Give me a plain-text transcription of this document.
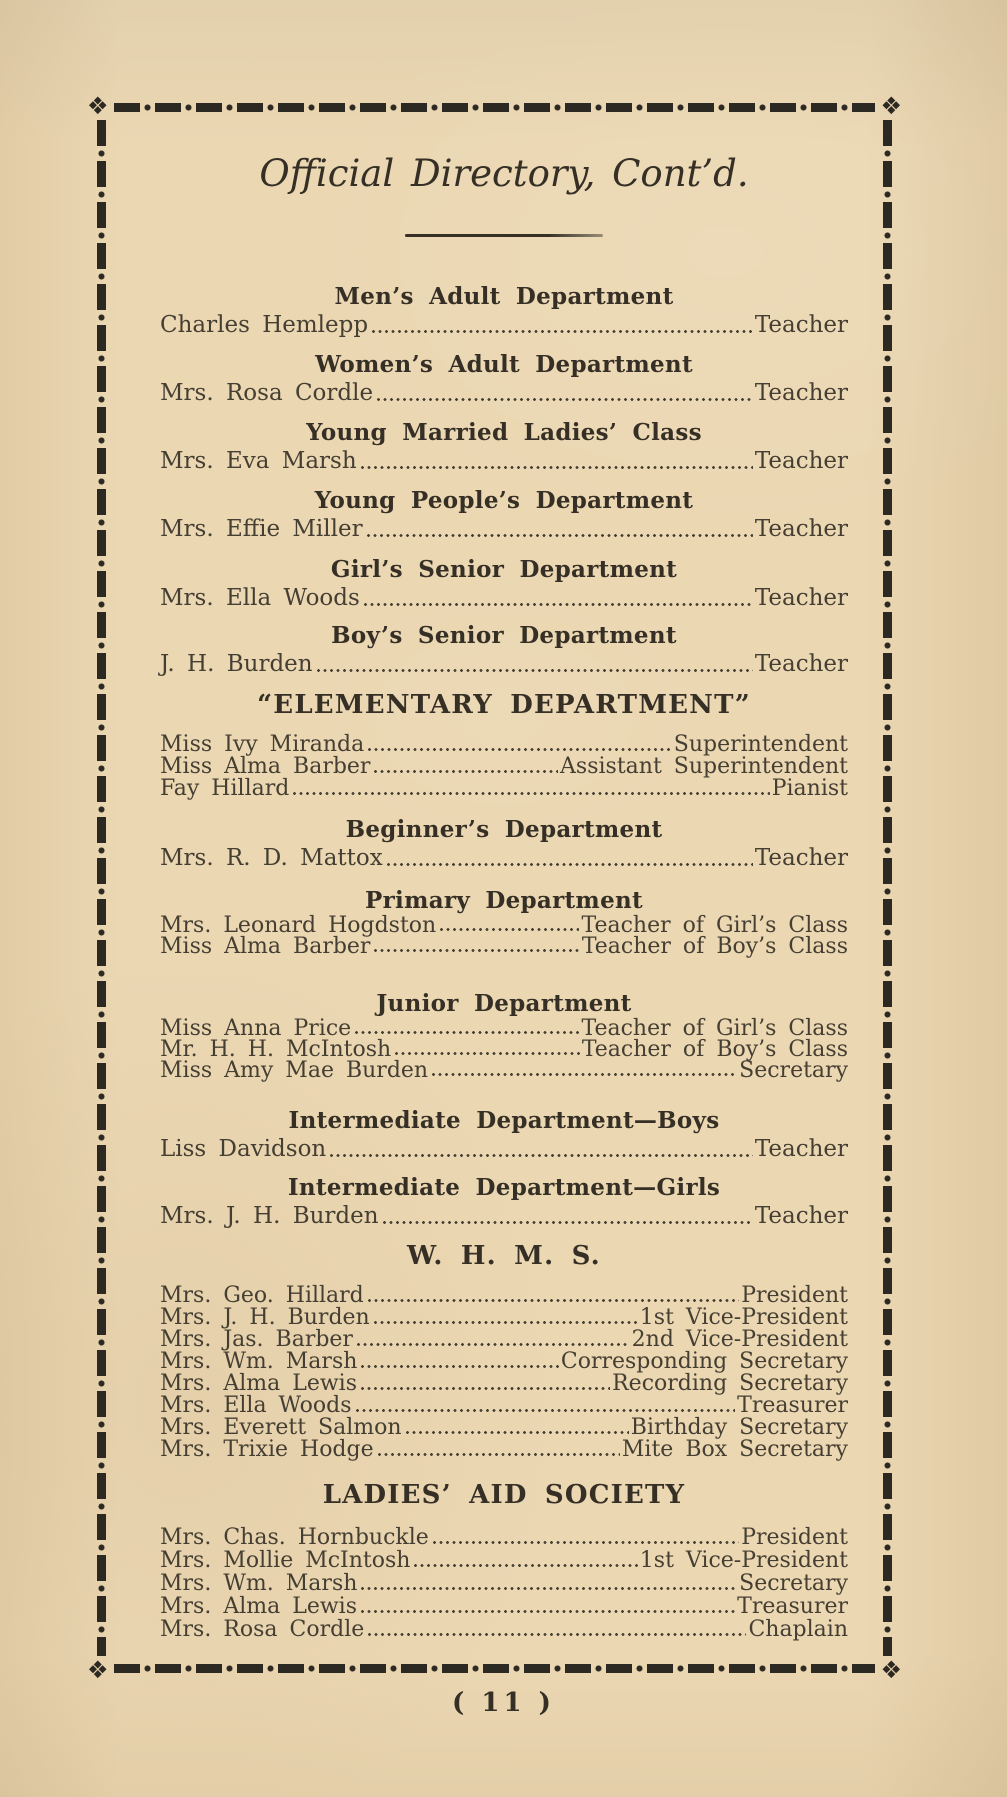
❖	❖
❖	❖
Official Directory, Cont’d.
Men’s Adult Department
Charles Hemlepp	Teacher
Women’s Adult Department
Mrs. Rosa Cordle	Teacher
Young Married Ladies’ Class
Mrs. Eva Marsh	Teacher
Young People’s Department
Mrs. Effie Miller	Teacher
Girl’s Senior Department
Mrs. Ella Woods	Teacher
Boy’s Senior Department
J. H. Burden	Teacher
“ELEMENTARY DEPARTMENT”
Miss Ivy Miranda	Superintendent
Miss Alma Barber	Assistant Superintendent
Fay Hillard	Pianist
Beginner’s Department
Mrs. R. D. Mattox	Teacher
Primary Department
Mrs. Leonard Hogdston	Teacher of Girl’s Class
Miss Alma Barber	Teacher of Boy’s Class
Junior Department
Miss Anna Price	Teacher of Girl’s Class
Mr. H. H. McIntosh	Teacher of Boy’s Class
Miss Amy Mae Burden	Secretary
Intermediate Department—Boys
Liss Davidson	Teacher
Intermediate Department—Girls
Mrs. J. H. Burden	Teacher
W. H. M. S.
Mrs. Geo. Hillard	President
Mrs. J. H. Burden	1st Vice-President
Mrs. Jas. Barber	2nd Vice-President
Mrs. Wm. Marsh	Corresponding Secretary
Mrs. Alma Lewis	Recording Secretary
Mrs. Ella Woods	Treasurer
Mrs. Everett Salmon	Birthday Secretary
Mrs. Trixie Hodge	Mite Box Secretary
LADIES’ AID SOCIETY
Mrs. Chas. Hornbuckle	President
Mrs. Mollie McIntosh	1st Vice-President
Mrs. Wm. Marsh	Secretary
Mrs. Alma Lewis	Treasurer
Mrs. Rosa Cordle	Chaplain
( 11 )
